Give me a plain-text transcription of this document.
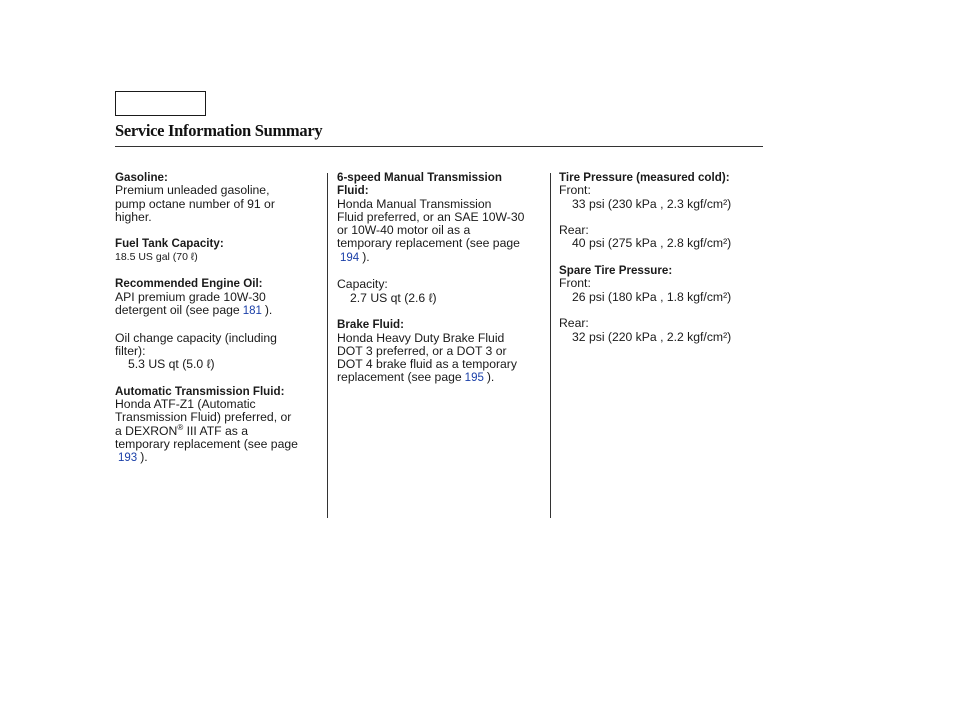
Service Information Summary
Gasoline:
Premium unleaded gasoline,
pump octane number of 91 or
higher.
Fuel Tank Capacity:
18.5 US gal (70 ℓ)
Recommended Engine Oil:
API premium grade 10W-30
detergent oil (see page 181 ).
Oil change capacity (including
filter):
5.3 US qt (5.0 ℓ)
Automatic Transmission Fluid:
Honda ATF-Z1 (Automatic
Transmission Fluid) preferred, or
a DEXRON® III ATF as a
temporary replacement (see page
193 ).
6-speed Manual Transmission
Fluid:
Honda Manual Transmission
Fluid preferred, or an SAE 10W-30
or 10W-40 motor oil as a
temporary replacement (see page
194 ).
Capacity:
2.7 US qt (2.6 ℓ)
Brake Fluid:
Honda Heavy Duty Brake Fluid
DOT 3 preferred, or a DOT 3 or
DOT 4 brake fluid as a temporary
replacement (see page 195 ).
Tire Pressure (measured cold):
Front:
33 psi (230 kPa , 2.3 kgf/cm²)
Rear:
40 psi (275 kPa , 2.8 kgf/cm²)
Spare Tire Pressure:
Front:
26 psi (180 kPa , 1.8 kgf/cm²)
Rear:
32 psi (220 kPa , 2.2 kgf/cm²)
